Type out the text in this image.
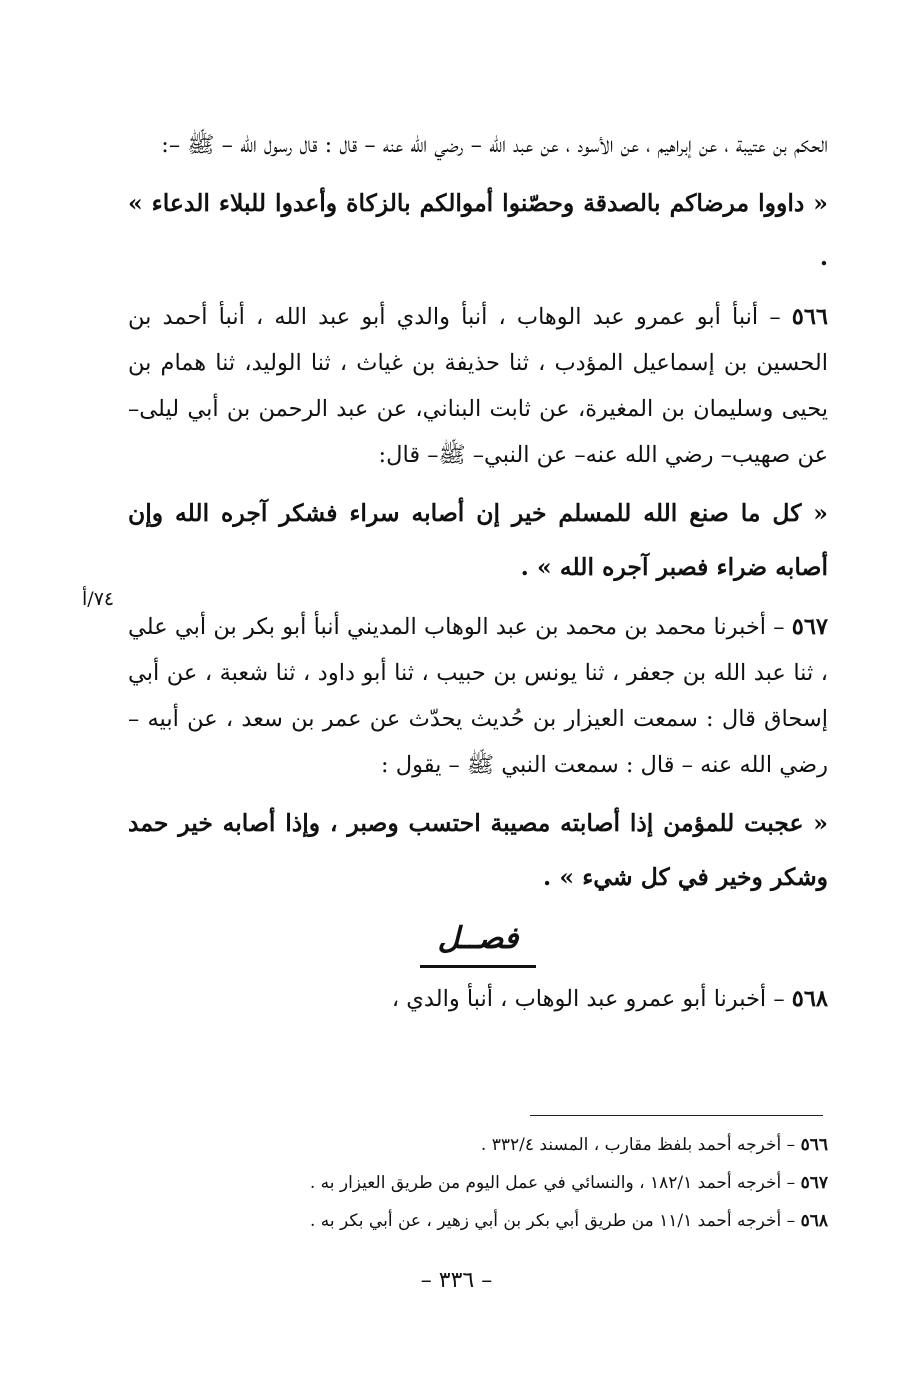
الحكم بن عتيبة ، عن إبراهيم ، عن الأسود ، عن عبد الله – رضي الله عنه – قال : قال رسول الله – ﷺ –:

« داووا مرضاكم بالصدقة وحصّنوا أموالكم بالزكاة وأعدوا للبلاء الدعاء » .

٥٦٦ – أنبأ أبو عمرو عبد الوهاب ، أنبأ والدي أبو عبد الله ، أنبأ أحمد بن الحسين بن إسماعيل المؤدب ، ثنا حذيفة بن غياث ، ثنا الوليد، ثنا همام بن يحيى وسليمان بن المغيرة، عن ثابت البناني، عن عبد الرحمن بن أبي ليلى– عن صهيب– رضي الله عنه– عن النبي– ﷺ– قال:

« كل ما صنع الله للمسلم خير إن أصابه سراء فشكر آجره الله وإن أصابه ضراء فصبر آجره الله » .

٥٦٧ – أخبرنا محمد بن محمد بن عبد الوهاب المديني أنبأ أبو بكر بن أبي علي ، ثنا عبد الله بن جعفر ، ثنا يونس بن حبيب ، ثنا أبو داود ، ثنا شعبة ، عن أبي إسحاق قال : سمعت العيزار بن حُديث يحدّث عن عمر بن سعد ، عن أبيه – رضي الله عنه – قال : سمعت النبي ﷺ – يقول :

« عجبت للمؤمن إذا أصابته مصيبة احتسب وصبر ، وإذا أصابه خير حمد وشكر وخير في كل شيء » .

فصــل

٥٦٨ – أخبرنا أبو عمرو عبد الوهاب ، أنبأ والدي ،

٧٤/أ

٥٦٦ – أخرجه أحمد بلفظ مقارب ، المسند ٣٣٢/٤ .

٥٦٧ – أخرجه أحمد ١٨٢/١ ، والنسائي في عمل اليوم من طريق العيزار به .

٥٦٨ – أخرجه أحمد ١١/١ من طريق أبي بكر بن أبي زهير ، عن أبي بكر به .

– ٣٣٦ –
